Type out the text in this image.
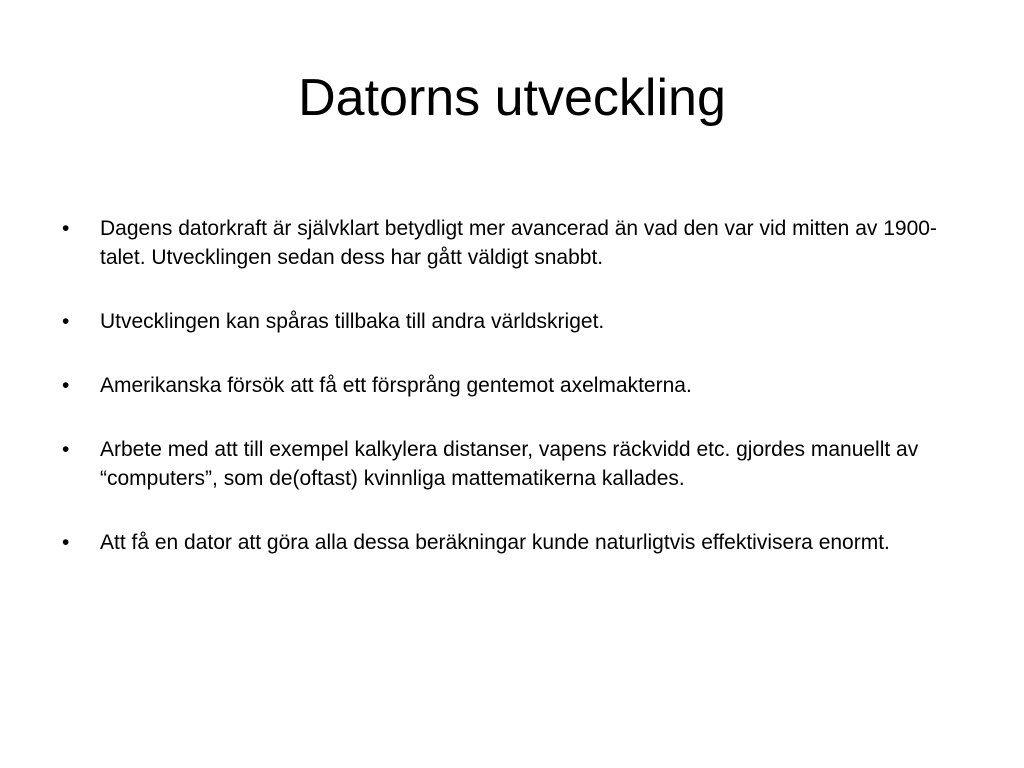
Datorns utveckling
•	Dagens datorkraft är självklart betydligt mer avancerad än vad den var vid mitten av 1900- talet. Utvecklingen sedan dess har gått väldigt snabbt.
•	Utvecklingen kan spåras tillbaka till andra världskriget.
•	Amerikanska försök att få ett försprång gentemot axelmakterna.
•	Arbete med att till exempel kalkylera distanser, vapens räckvidd etc. gjordes manuellt av “computers”, som de(oftast) kvinnliga mattematikerna kallades.
•	Att få en dator att göra alla dessa beräkningar kunde naturligtvis effektivisera enormt.
